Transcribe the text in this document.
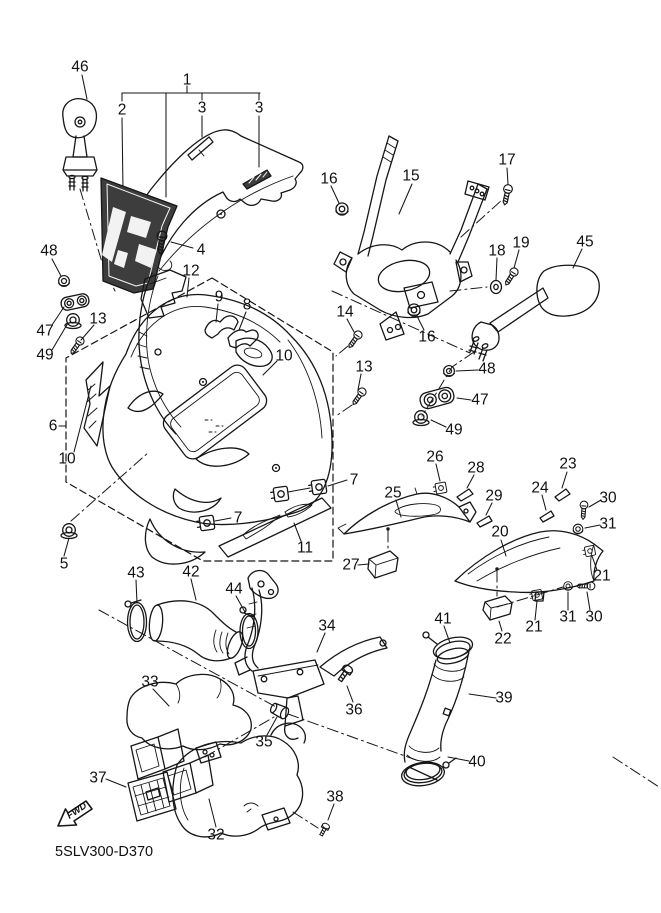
FWD
5SLV300-D370
1
2	3	3
4
5
6
7
7
8
9
10
10
11
12
13
13
14
15
16
16
17
18 19
20
21
21
22
23
24
25
26
27
28
29	30
31
31 30
32
33
34
35
36
37
38
39
40
41
42
43
44
45
46
47
47
48
48
49
49
